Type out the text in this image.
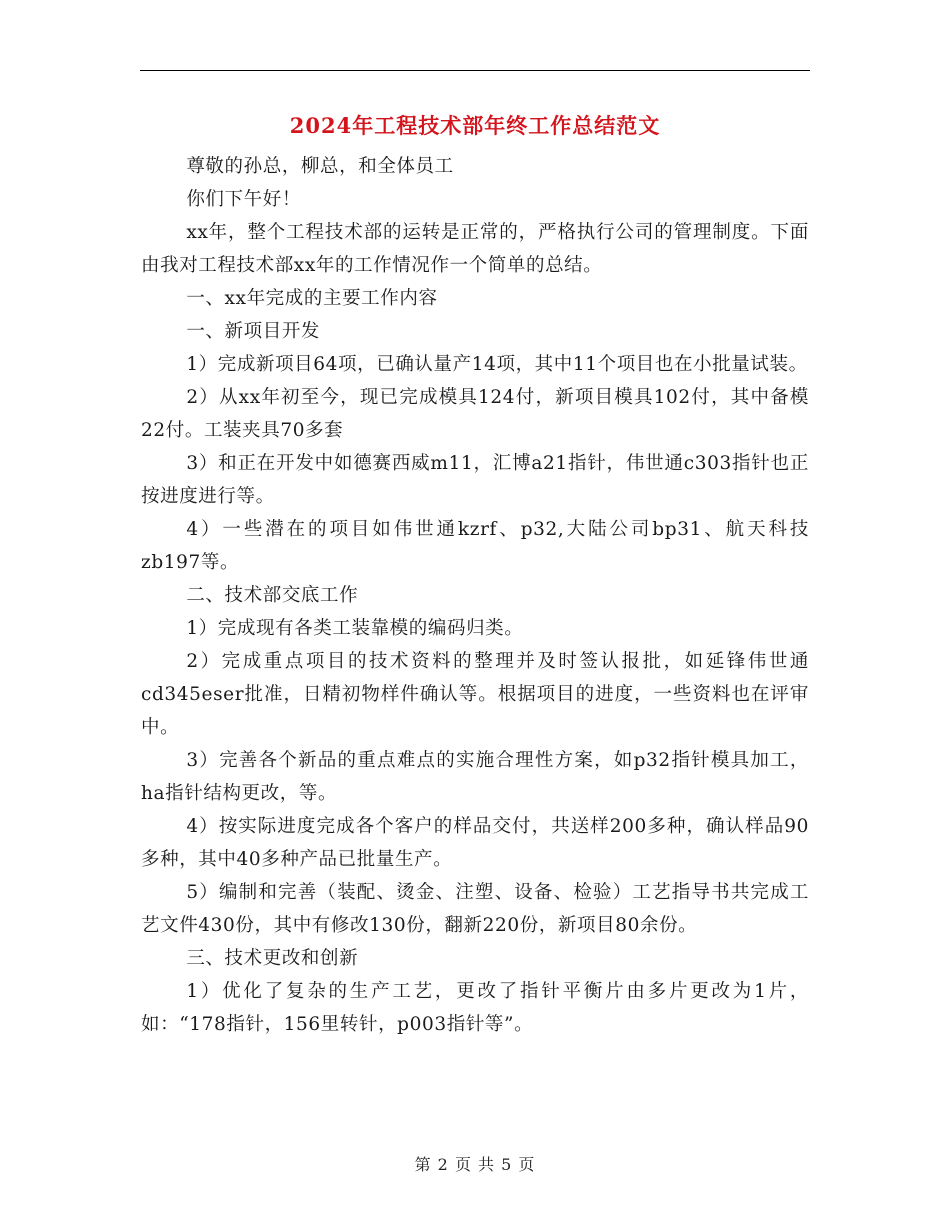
2024年工程技术部年终工作总结范文

尊敬的孙总，柳总，和全体员工

你们下午好！

xx年，整个工程技术部的运转是正常的，严格执行公司的管理制度。下面由我对工程技术部xx年的工作情况作一个简单的总结。

一、xx年完成的主要工作内容

一、新项目开发

1）完成新项目64项，已确认量产14项，其中11个项目也在小批量试装。

2）从xx年初至今，现已完成模具124付，新项目模具102付，其中备模22付。工装夹具70多套

3）和正在开发中如德赛西威m11，汇博a21指针，伟世通c303指针也正按进度进行等。

4）一些潜在的项目如伟世通kzrf、p32,大陆公司bp31、航天科技zb197等。

二、技术部交底工作

1）完成现有各类工装靠模的编码归类。

2）完成重点项目的技术资料的整理并及时签认报批，如延锋伟世通cd345eser批准，日精初物样件确认等。根据项目的进度，一些资料也在评审中。

3）完善各个新品的重点难点的实施合理性方案，如p32指针模具加工，ha指针结构更改，等。

4）按实际进度完成各个客户的样品交付，共送样200多种，确认样品90多种，其中40多种产品已批量生产。

5）编制和完善（装配、烫金、注塑、设备、检验）工艺指导书共完成工艺文件430份，其中有修改130份，翻新220份，新项目80余份。

三、技术更改和创新

1）优化了复杂的生产工艺，更改了指针平衡片由多片更改为1片，如：“178指针，156里转针，p003指针等”。

第 2 页 共 5 页
